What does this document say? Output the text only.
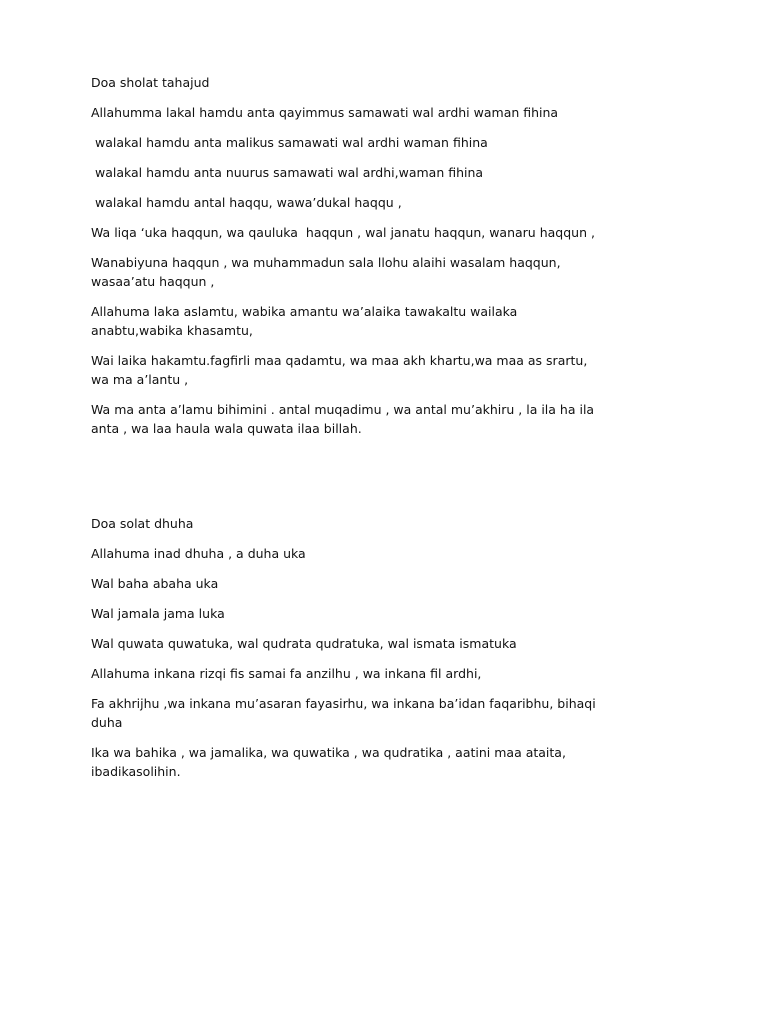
Doa sholat tahajud

Allahumma lakal hamdu anta qayimmus samawati wal ardhi waman fihina

walakal hamdu anta malikus samawati wal ardhi waman fihina

walakal hamdu anta nuurus samawati wal ardhi,waman fihina

walakal hamdu antal haqqu, wawa’dukal haqqu ,

Wa liqa ‘uka haqqun, wa qauluka  haqqun , wal janatu haqqun, wanaru haqqun ,

Wanabiyuna haqqun , wa muhammadun sala llohu alaihi wasalam haqqun,
wasaa’atu haqqun ,

Allahuma laka aslamtu, wabika amantu wa’alaika tawakaltu wailaka
anabtu,wabika khasamtu,

Wai laika hakamtu.fagfirli maa qadamtu, wa maa akh khartu,wa maa as srartu,
wa ma a’lantu ,

Wa ma anta a’lamu bihimini . antal muqadimu , wa antal mu’akhiru , la ila ha ila
anta , wa laa haula wala quwata ilaa billah.

Doa solat dhuha

Allahuma inad dhuha , a duha uka

Wal baha abaha uka

Wal jamala jama luka

Wal quwata quwatuka, wal qudrata qudratuka, wal ismata ismatuka

Allahuma inkana rizqi fis samai fa anzilhu , wa inkana fil ardhi,

Fa akhrijhu ,wa inkana mu’asaran fayasirhu, wa inkana ba’idan faqaribhu, bihaqi
duha

Ika wa bahika , wa jamalika, wa quwatika , wa qudratika , aatini maa ataita,
ibadikasolihin.
